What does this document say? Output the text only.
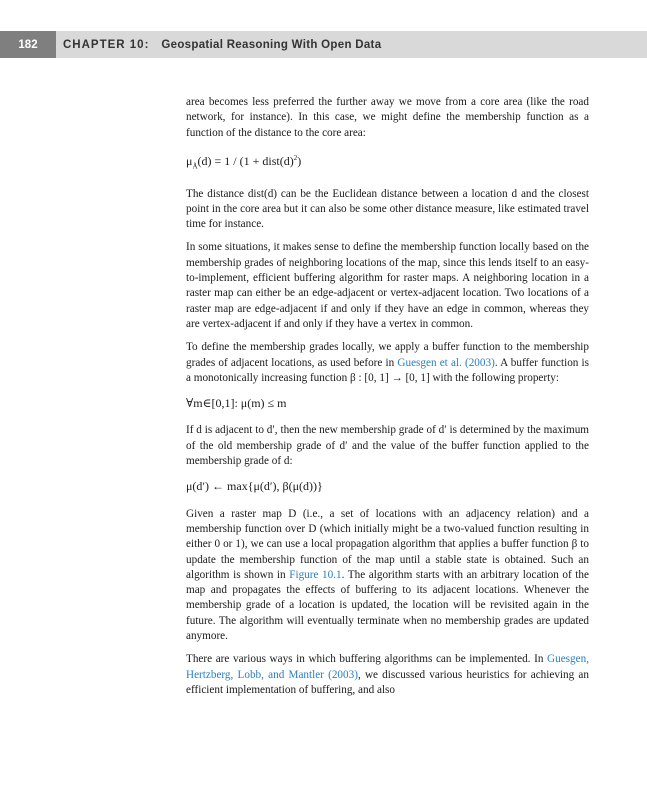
182	CHAPTER 10: Geospatial Reasoning With Open Data

area becomes less preferred the further away we move from a core area (like the road network, for instance). In this case, we might define the membership function as a function of the distance to the core area:

$\mu_Ã(d) = 1 / (1$ + $dist(d)^2$)

The distance dist(d) can be the Euclidean distance between a location d and the closest point in the core area but it can also be some other distance measure, like estimated travel time for instance.

In some situations, it makes sense to define the membership function locally based on the membership grades of neighboring locations of the map, since this lends itself to an easy-to-implement, efficient buffering algorithm for raster maps. A neighboring location in a raster map can either be an edge-adjacent or vertex-adjacent location. Two locations of a raster map are edge-adjacent if and only if they have an edge in common, whereas they are vertex-adjacent if and only if they have a vertex in common.

To define the membership grades locally, we apply a buffer function to the membership grades of adjacent locations, as used before in Guesgen et al. (2003). A buffer function is a monotonically increasing function β : [0, 1] → [0, 1] with the following property:

∀m∈[0,1]: μ(m) ≤ m

If d is adjacent to d′, then the new membership grade of d′ is determined by the maximum of the old membership grade of d′ and the value of the buffer function applied to the membership grade of d:

μ(d′) ← max{μ(d′), β(μ(d))}

Given a raster map D (i.e., a set of locations with an adjacency relation) and a membership function over D (which initially might be a two-valued function resulting in either 0 or 1), we can use a local propagation algorithm that applies a buffer function β to update the membership function of the map until a stable state is obtained. Such an algorithm is shown in Figure 10.1. The algorithm starts with an arbitrary location of the map and propagates the effects of buffering to its adjacent locations. Whenever the membership grade of a location is updated, the location will be revisited again in the future. The algorithm will eventually terminate when no membership grades are updated anymore.

There are various ways in which buffering algorithms can be implemented. In Guesgen, Hertzberg, Lobb, and Mantler (2003), we discussed various heuristics for achieving an efficient implementation of buffering, and also
